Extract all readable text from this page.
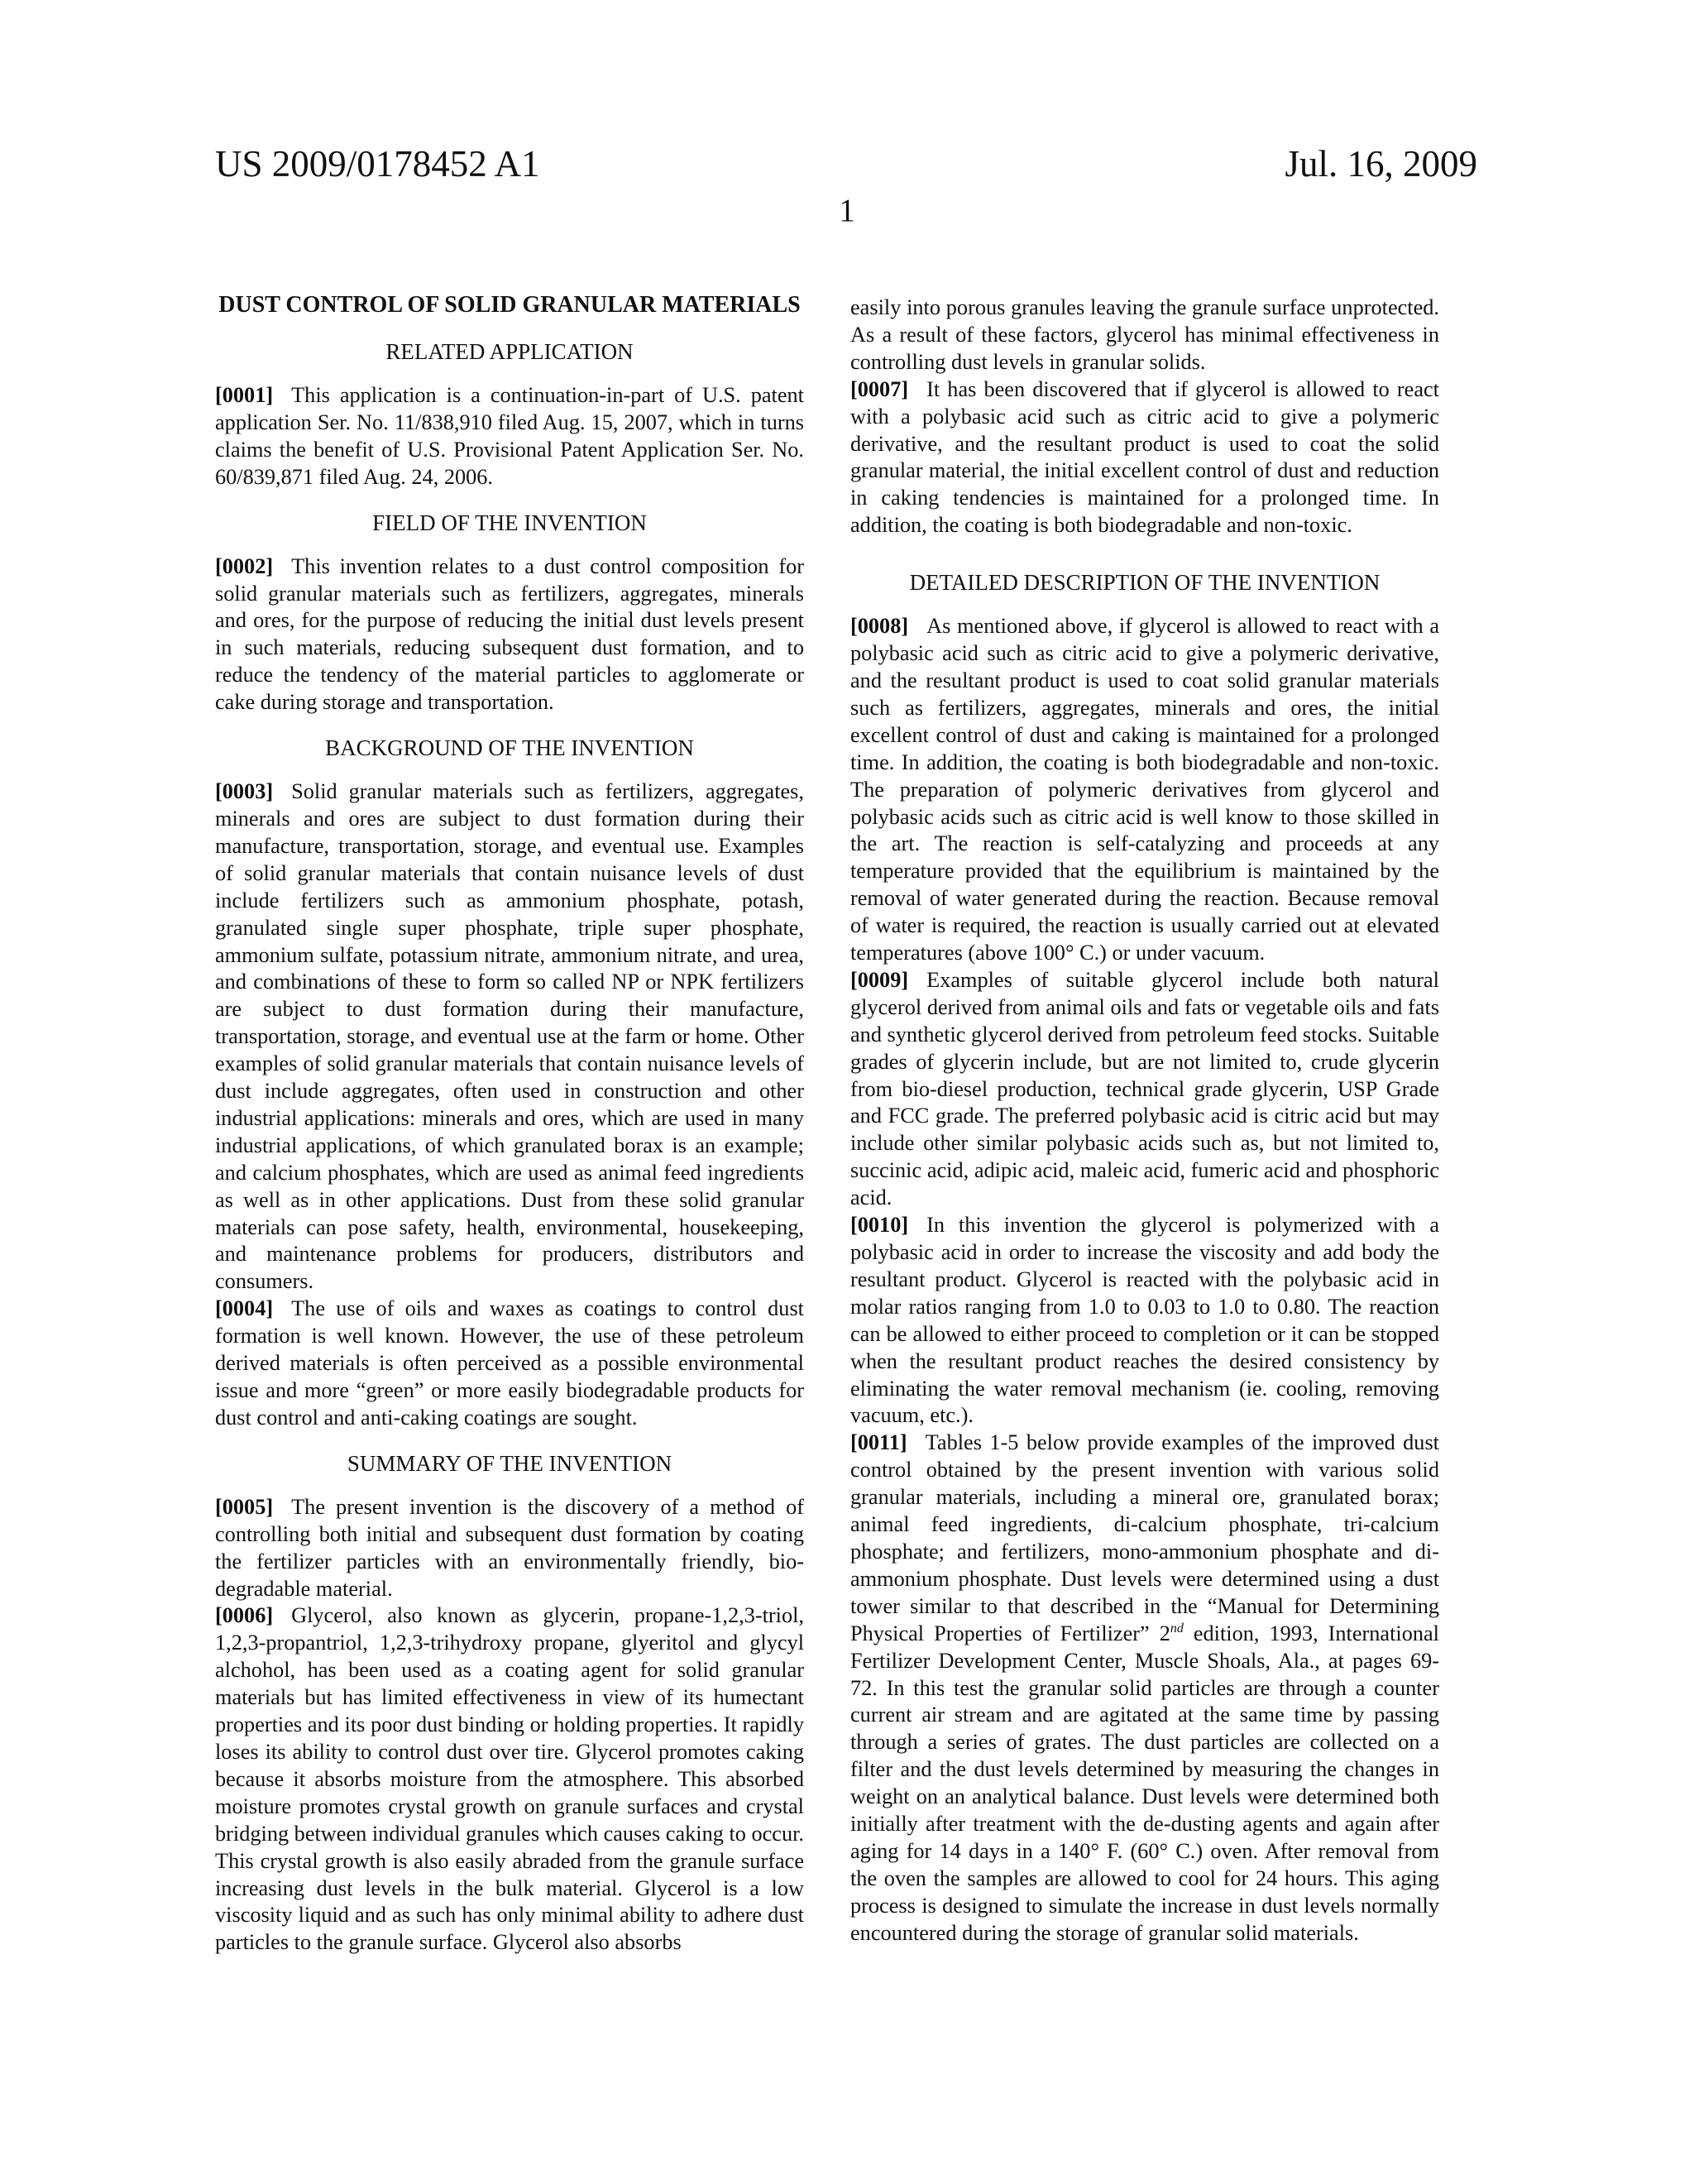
US 2009/0178452 A1	Jul. 16, 2009
1
DUST CONTROL OF SOLID GRANULAR MATERIALS
RELATED APPLICATION

[0001] This application is a continuation-in-part of U.S. patent application Ser. No. 11/838,910 filed Aug. 15, 2007, which in turns claims the benefit of U.S. Provisional Patent Application Ser. No. 60/839,871 filed Aug. 24, 2006.

FIELD OF THE INVENTION

[0002] This invention relates to a dust control composition for solid granular materials such as fertilizers, aggregates, minerals and ores, for the purpose of reducing the initial dust levels present in such materials, reducing subsequent dust formation, and to reduce the tendency of the material particles to agglomerate or cake during storage and transportation.

BACKGROUND OF THE INVENTION

[0003] Solid granular materials such as fertilizers, aggregates, minerals and ores are subject to dust formation during their manufacture, transportation, storage, and eventual use. Examples of solid granular materials that contain nuisance levels of dust include fertilizers such as ammonium phosphate, potash, granulated single super phosphate, triple super phosphate, ammonium sulfate, potassium nitrate, ammonium nitrate, and urea, and combinations of these to form so called NP or NPK fertilizers are subject to dust formation during their manufacture, transportation, storage, and eventual use at the farm or home. Other examples of solid granular materials that contain nuisance levels of dust include aggregates, often used in construction and other industrial applications: minerals and ores, which are used in many industrial applications, of which granulated borax is an example; and calcium phosphates, which are used as animal feed ingredients as well as in other applications. Dust from these solid granular materials can pose safety, health, environmental, housekeeping, and maintenance problems for producers, distributors and consumers.

[0004] The use of oils and waxes as coatings to control dust formation is well known. However, the use of these petroleum derived materials is often perceived as a possible environmental issue and more “green” or more easily biodegradable products for dust control and anti-caking coatings are sought.

SUMMARY OF THE INVENTION

[0005] The present invention is the discovery of a method of controlling both initial and subsequent dust formation by coating the fertilizer particles with an environmentally friendly, bio-degradable material.

[0006] Glycerol, also known as glycerin, propane-1,2,3-triol, 1,2,3-propantriol, 1,2,3-trihydroxy propane, glyeritol and glycyl alchohol, has been used as a coating agent for solid granular materials but has limited effectiveness in view of its humectant properties and its poor dust binding or holding properties. It rapidly loses its ability to control dust over tire. Glycerol promotes caking because it absorbs moisture from the atmosphere. This absorbed moisture promotes crystal growth on granule surfaces and crystal bridging between individual granules which causes caking to occur. This crystal growth is also easily abraded from the granule surface increasing dust levels in the bulk material. Glycerol is a low viscosity liquid and as such has only minimal ability to adhere dust particles to the granule surface. Glycerol also absorbs

easily into porous granules leaving the granule surface unprotected. As a result of these factors, glycerol has minimal effectiveness in controlling dust levels in granular solids.

[0007] It has been discovered that if glycerol is allowed to react with a polybasic acid such as citric acid to give a polymeric derivative, and the resultant product is used to coat the solid granular material, the initial excellent control of dust and reduction in caking tendencies is maintained for a prolonged time. In addition, the coating is both biodegradable and non-toxic.

DETAILED DESCRIPTION OF THE INVENTION

[0008] As mentioned above, if glycerol is allowed to react with a polybasic acid such as citric acid to give a polymeric derivative, and the resultant product is used to coat solid granular materials such as fertilizers, aggregates, minerals and ores, the initial excellent control of dust and caking is maintained for a prolonged time. In addition, the coating is both biodegradable and non-toxic. The preparation of polymeric derivatives from glycerol and polybasic acids such as citric acid is well know to those skilled in the art. The reaction is self-catalyzing and proceeds at any temperature provided that the equilibrium is maintained by the removal of water generated during the reaction. Because removal of water is required, the reaction is usually carried out at elevated temperatures (above 100° C.) or under vacuum.

[0009] Examples of suitable glycerol include both natural glycerol derived from animal oils and fats or vegetable oils and fats and synthetic glycerol derived from petroleum feed stocks. Suitable grades of glycerin include, but are not limited to, crude glycerin from bio-diesel production, technical grade glycerin, USP Grade and FCC grade. The preferred polybasic acid is citric acid but may include other similar polybasic acids such as, but not limited to, succinic acid, adipic acid, maleic acid, fumeric acid and phosphoric acid.

[0010] In this invention the glycerol is polymerized with a polybasic acid in order to increase the viscosity and add body the resultant product. Glycerol is reacted with the polybasic acid in molar ratios ranging from 1.0 to 0.03 to 1.0 to 0.80. The reaction can be allowed to either proceed to completion or it can be stopped when the resultant product reaches the desired consistency by eliminating the water removal mechanism (ie. cooling, removing vacuum, etc.).

[0011] Tables 1-5 below provide examples of the improved dust control obtained by the present invention with various solid granular materials, including a mineral ore, granulated borax; animal feed ingredients, di-calcium phosphate, tri-calcium phosphate; and fertilizers, mono-ammonium phosphate and di-ammonium phosphate. Dust levels were determined using a dust tower similar to that described in the “Manual for Determining Physical Properties of Fertilizer” 2nd edition, 1993, International Fertilizer Development Center, Muscle Shoals, Ala., at pages 69-72. In this test the granular solid particles are through a counter current air stream and are agitated at the same time by passing through a series of grates. The dust particles are collected on a filter and the dust levels determined by measuring the changes in weight on an analytical balance. Dust levels were determined both initially after treatment with the de-dusting agents and again after aging for 14 days in a 140° F. (60° C.) oven. After removal from the oven the samples are allowed to cool for 24 hours. This aging process is designed to simulate the increase in dust levels normally encountered during the storage of granular solid materials.
